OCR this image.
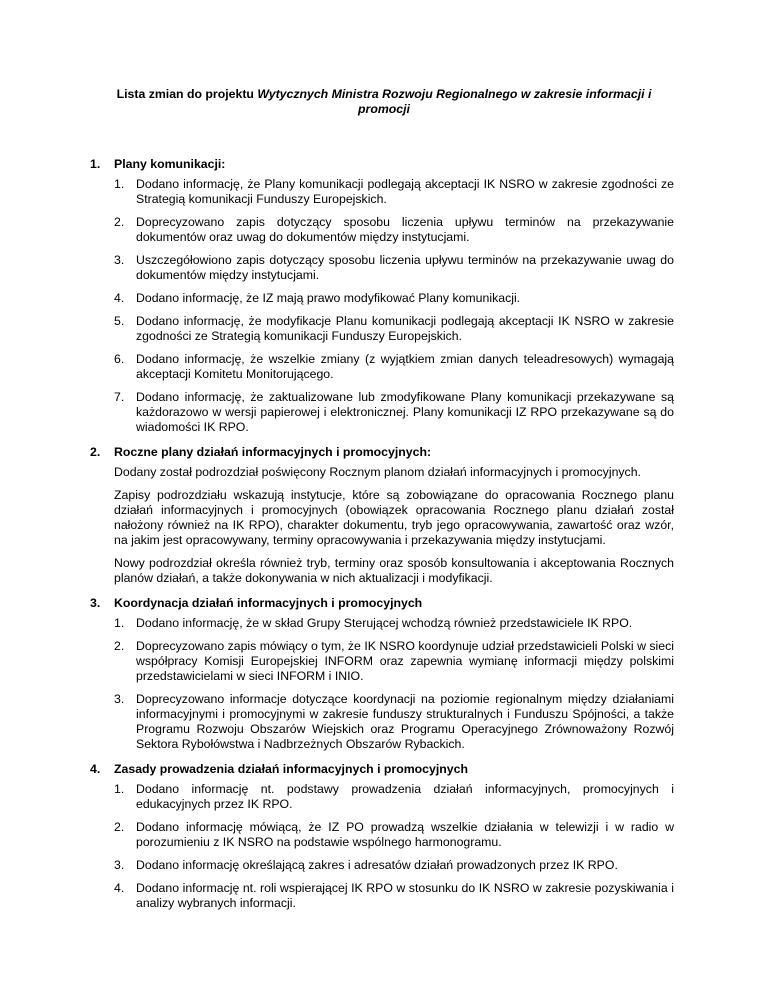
Lista zmian do projektu Wytycznych Ministra Rozwoju Regionalnego w zakresie informacji i promocji
1. Plany komunikacji:
1. Dodano informację, że Plany komunikacji podlegają akceptacji IK NSRO w zakresie zgodności ze Strategią komunikacji Funduszy Europejskich.
2. Doprecyzowano zapis dotyczący sposobu liczenia upływu terminów na przekazywanie dokumentów oraz uwag do dokumentów między instytucjami.
3. Uszczegółowiono zapis dotyczący sposobu liczenia upływu terminów na przekazywanie uwag do dokumentów między instytucjami.
4. Dodano informację, że IZ mają prawo modyfikować Plany komunikacji.
5. Dodano informację, że modyfikacje Planu komunikacji podlegają akceptacji IK NSRO w zakresie zgodności ze Strategią komunikacji Funduszy Europejskich.
6. Dodano informację, że wszelkie zmiany (z wyjątkiem zmian danych teleadresowych) wymagają akceptacji Komitetu Monitorującego.
7. Dodano informację, że zaktualizowane lub zmodyfikowane Plany komunikacji przekazywane są każdorazowo w wersji papierowej i elektronicznej. Plany komunikacji IZ RPO przekazywane są do wiadomości IK RPO.
2. Roczne plany działań informacyjnych i promocyjnych:
Dodany został podrozdział poświęcony Rocznym planom działań informacyjnych i promocyjnych.
Zapisy podrozdziału wskazują instytucje, które są zobowiązane do opracowania Rocznego planu działań informacyjnych i promocyjnych (obowiązek opracowania Rocznego planu działań został nałożony również na IK RPO), charakter dokumentu, tryb jego opracowywania, zawartość oraz wzór, na jakim jest opracowywany, terminy opracowywania i przekazywania między instytucjami.
Nowy podrozdział określa również tryb, terminy oraz sposób konsultowania i akceptowania Rocznych planów działań, a także dokonywania w nich aktualizacji i modyfikacji.
3. Koordynacja działań informacyjnych i promocyjnych
1. Dodano informację, że w skład Grupy Sterującej wchodzą również przedstawiciele IK RPO.
2. Doprecyzowano zapis mówiący o tym, że IK NSRO koordynuje udział przedstawicieli Polski w sieci współpracy Komisji Europejskiej INFORM oraz zapewnia wymianę informacji między polskimi przedstawicielami w sieci INFORM i INIO.
3. Doprecyzowano informacje dotyczące koordynacji na poziomie regionalnym między działaniami informacyjnymi i promocyjnymi w zakresie funduszy strukturalnych i Funduszu Spójności, a także Programu Rozwoju Obszarów Wiejskich oraz Programu Operacyjnego Zrównoważony Rozwój Sektora Rybołówstwa i Nadbrzeżnych Obszarów Rybackich.
4. Zasady prowadzenia działań informacyjnych i promocyjnych
1. Dodano informację nt. podstawy prowadzenia działań informacyjnych, promocyjnych i edukacyjnych przez IK RPO.
2. Dodano informację mówiącą, że IZ PO prowadzą wszelkie działania w telewizji i w radio w porozumieniu z IK NSRO na podstawie wspólnego harmonogramu.
3. Dodano informację określającą zakres i adresatów działań prowadzonych przez IK RPO.
4. Dodano informację nt. roli wspierającej IK RPO w stosunku do IK NSRO w zakresie pozyskiwania i analizy wybranych informacji.
